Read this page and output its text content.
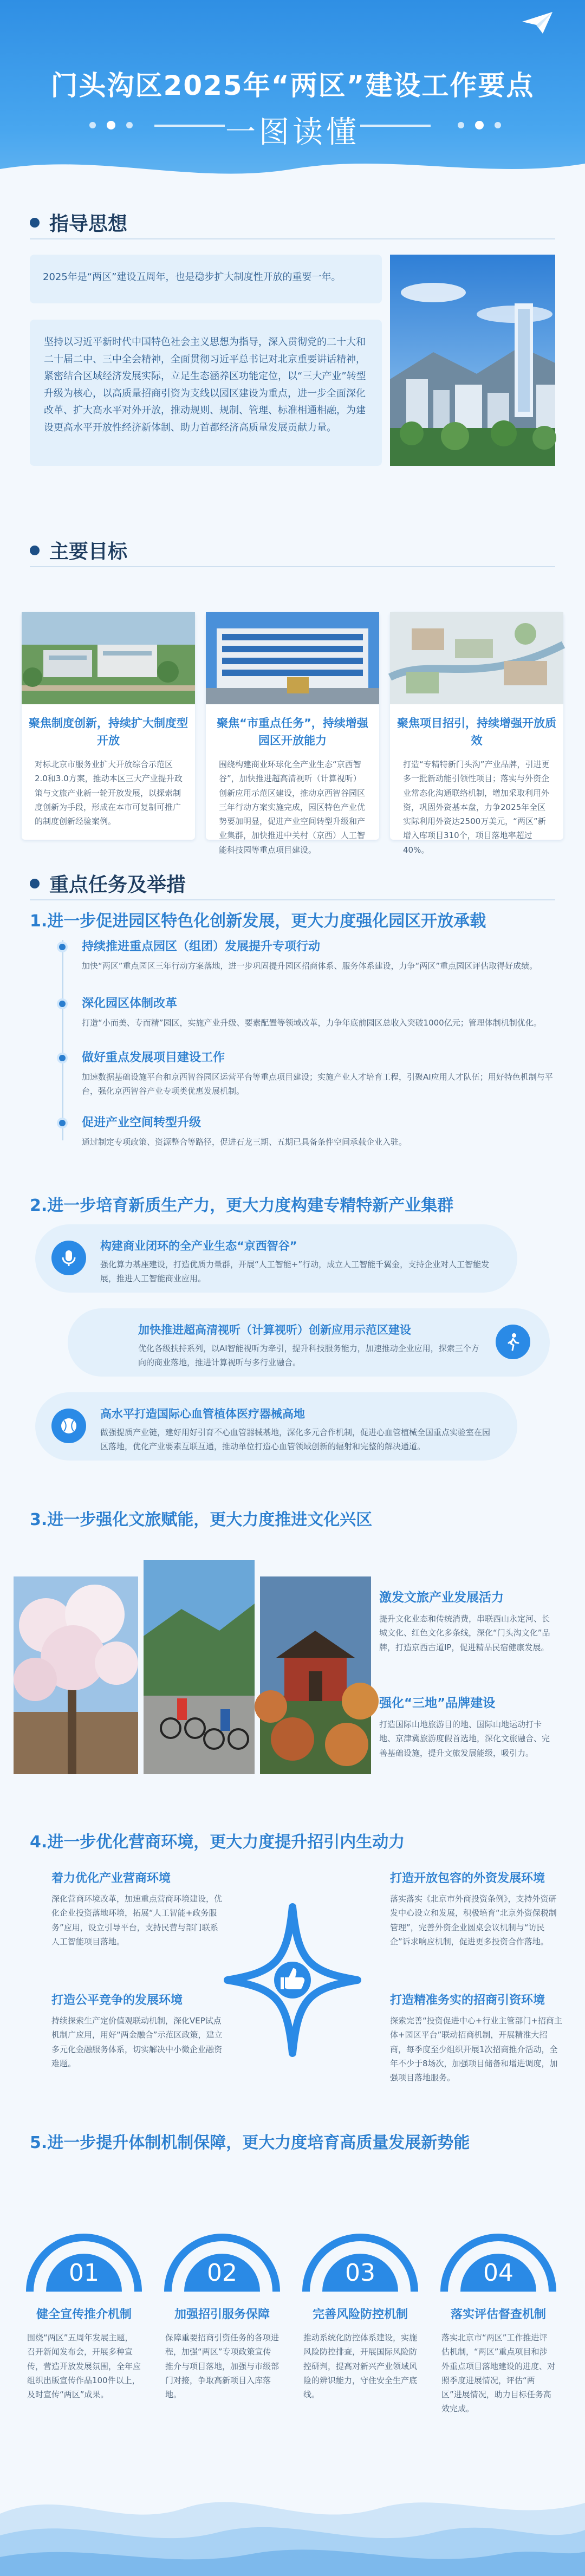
门头沟区2025年“两区”建设工作要点
一图读懂
指导思想
2025年是“两区”建设五周年，也是稳步扩大制度性开放的重要一年。
坚持以习近平新时代中国特色社会主义思想为指导，深入贯彻党的二十大和二十届二中、三中全会精神，全面贯彻习近平总书记对北京重要讲话精神，紧密结合区域经济发展实际，立足生态涵养区功能定位，以“三大产业”转型升级为核心，以高质量招商引资为支线以园区建设为重点，进一步全面深化改革、扩大高水平对外开放，推动规则、规制、管理、标准相通相融，为建设更高水平开放性经济新体制、助力首都经济高质量发展贡献力量。
主要目标
聚焦制度创新，持续扩大制度型开放
对标北京市服务业扩大开放综合示范区2.0和3.0方案，推动本区三大产业提升政策与文旅产业新一轮开放发展，以探索制度创新为手段，形成在本市可复制可推广的制度创新经验案例。
聚焦“市重点任务”，持续增强园区开放能力
围绕构建商业环球化全产业生态“京西智谷”，加快推进超高清视听（计算视听）创新应用示范区建设，推动京西智谷园区三年行动方案实施完成，园区特色产业优势要加明显，促进产业空间转型升级和产业集群，加快推进中关村（京西）人工智能科技园等重点项目建设。
聚焦项目招引，持续增强开放质效
打造“专精特新门头沟”产业品牌，引进更多一批新动能引领性项目；落实与外资企业常态化沟通联络机制，增加采取利用外资，巩固外资基本盘，力争2025年全区实际利用外资达2500万美元，“两区”新增入库项目310个，项目落地率超过40%。
重点任务及举措
1.进一步促进园区特色化创新发展，更大力度强化园区开放承载
持续推进重点园区（组团）发展提升专项行动
加快“两区”重点园区三年行动方案落地，进一步巩固提升园区招商体系、服务体系建设，力争“两区”重点园区评估取得好成绩。
深化园区体制改革
打造“小而美、专而精”园区，实施产业升级、要素配置等领域改革，力争年底前园区总收入突破1000亿元；管理体制机制优化。
做好重点发展项目建设工作
加速数据基础设施平台和京西智谷园区运营平台等重点项目建设；实施产业人才培育工程，引聚AI应用人才队伍；用好特色机制与平台，强化京西智谷产业专项类优惠发展机制。
促进产业空间转型升级
通过制定专项政策、资源整合等路径，促进石龙三期、五期已具备条件空间承载企业入驻。
2.进一步培育新质生产力，更大力度构建专精特新产业集群
构建商业闭环的全产业生态“京西智谷”
强化算力基座建设，打造优质力量群，开展“人工智能+”行动，成立人工智能千翼金，支持企业对人工智能发展，推进人工智能商业应用。
加快推进超高清视听（计算视听）创新应用示范区建设
优化各级扶持系列，以AI智能视听为牵引，提升科技服务能力，加速推动企业应用，探索三个方向的商业落地，推进计算视听与多行业融合。
高水平打造国际心血管植体医疗器械高地
做强提质产业链，建好用好引育不心血管器械基地，深化多元合作机制，促进心血管植械全国重点实验室在园区落地，优化产业要素互联互通，推动单位打造心血管领域创新的辐射和完整的解决通道。
3.进一步强化文旅赋能，更大力度推进文化兴区
激发文旅产业发展活力
提升文化业态和传统消费，串联西山永定河、长城文化、红色文化多条线，深化“门头沟文化”品牌，打造京西古道IP，促进精品民宿健康发展。
强化“三地”品牌建设
打造国际山地旅游目的地、国际山地运动打卡地、京津冀旅游度假首选地，深化文旅融合、完善基础设施，提升文旅发展能级，吸引力。
4.进一步优化营商环境，更大力度提升招引内生动力
着力优化产业营商环境
深化营商环境改革，加速重点营商环境建设，优化企业投资落地环境，拓展“人工智能+政务服务”应用，设立引导平台，支持民营与部门联系人工智能项目落地。
打造开放包容的外资发展环境
落实落实《北京市外商投资条例》，支持外资研发中心设立和发展，积极培育“北京外资保税制管理”，完善外资企业圆桌会议机制与“访民企”诉求响应机制，促进更多投资合作落地。
打造公平竞争的发展环境
持续探索生产定价值观联动机制，深化VEP试点机制广应用，用好“两金融合”示范区政策，建立多元化金融服务体系，切实解决中小微企业融资难题。
打造精准务实的招商引资环境
探索完善“投资促进中心+行业主管部门+招商主体+园区平台”联动招商机制，开展精准大招商，每季度至少组织开展1次招商推介活动，全年不少于8场次，加强项目储备和增进调度，加强项目落地服务。
5.进一步提升体制机制保障，更大力度培育高质量发展新势能
01
健全宣传推介机制
围绕“两区”五周年发展主题，召开新闻发布会，开展多种宣传，营造开放发展氛围，全年应组织出版宣传作品100件以上，及时宣传“两区”成果。
02
加强招引服务保障
保障重要招商引资任务的各项进程，加强“两区”专项政策宣传推介与项目落地，加强与市级部门对接，争取高新项目入库落地。
03
完善风险防控机制
推动系统化防控体系建设，实施风险防控排查，开展国际风险防控研判，提高对新兴产业领域风险的辨识能力，守住安全生产底线。
04
落实评估督查机制
落实北京市“两区”工作推进评估机制，“两区”重点项目和涉外重点项目落地建设的进度、对照季度进展情况，评估“两区”进展情况，助力目标任务高效完成。
